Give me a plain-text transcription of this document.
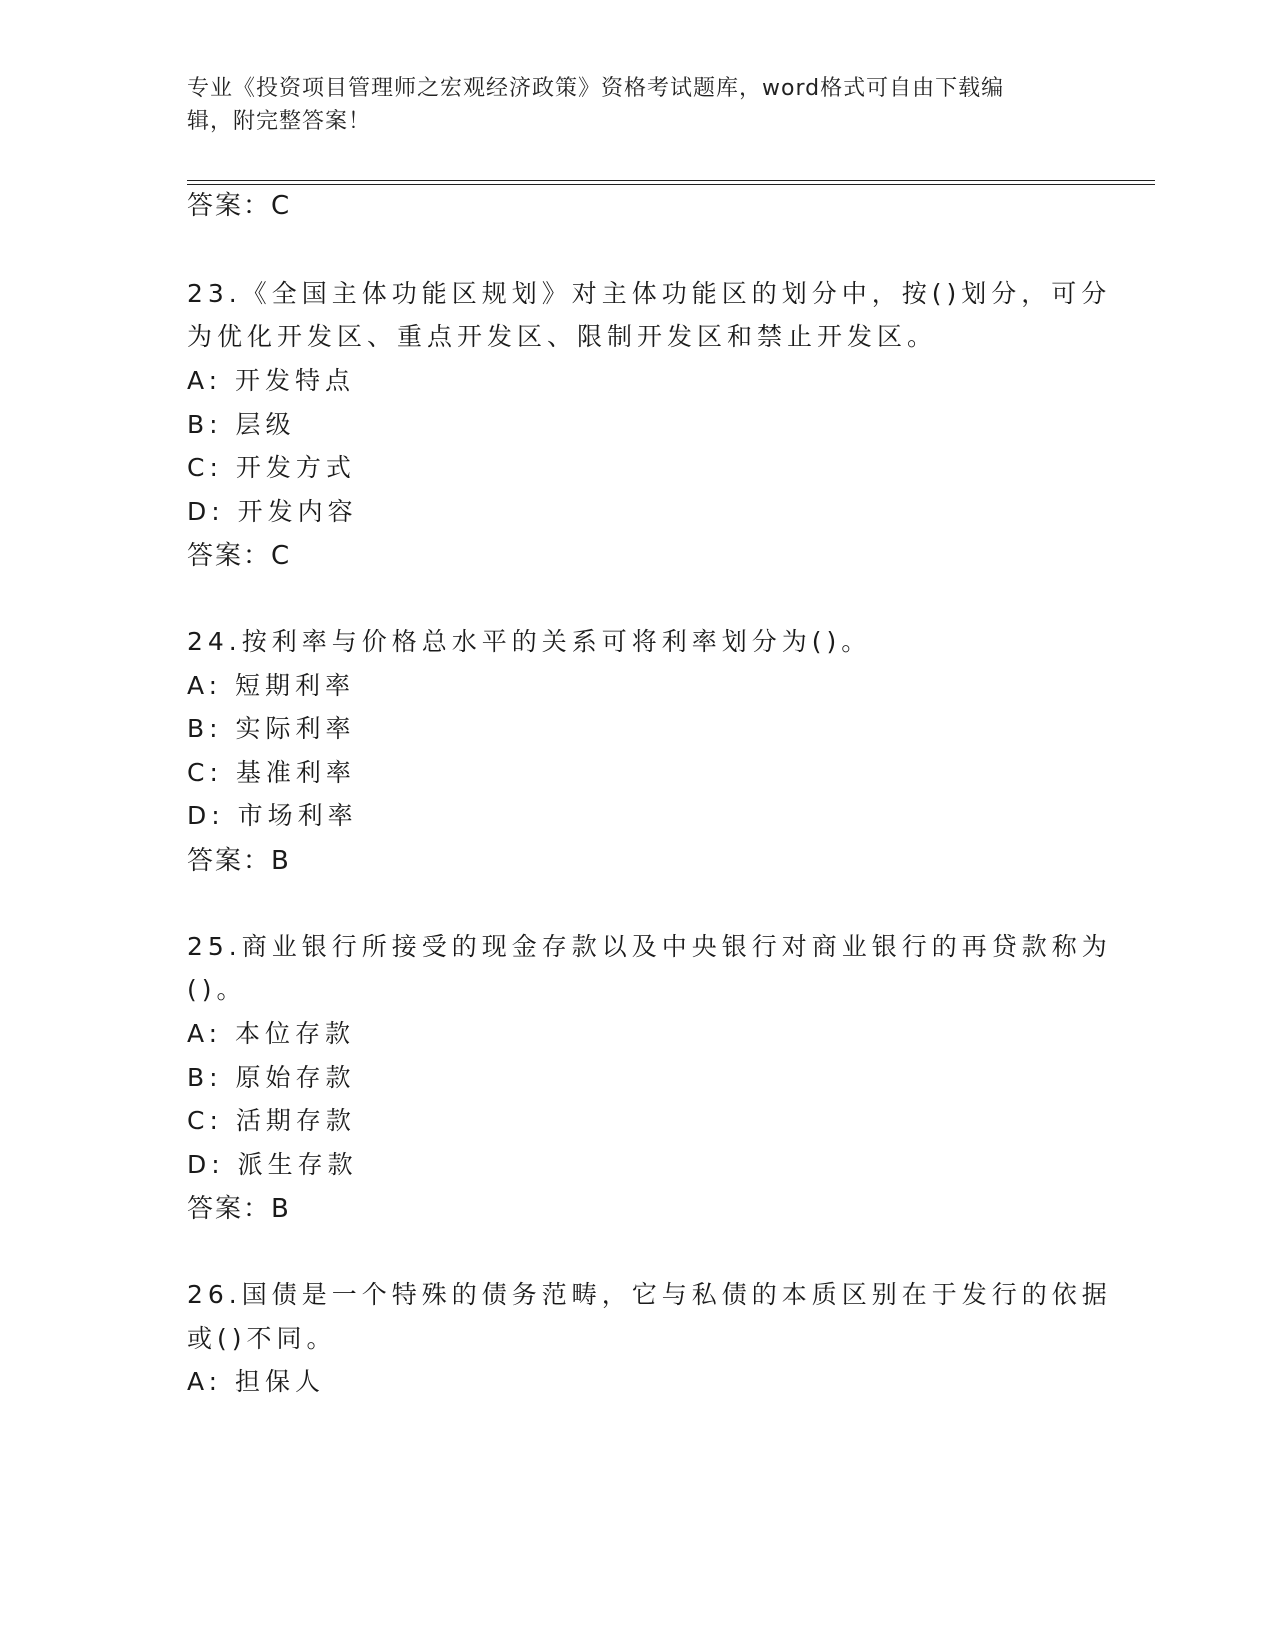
专业《投资项目管理师之宏观经济政策》资格考试题库，word格式可自由下载编
辑，附完整答案！
答案：C
23.《全国主体功能区规划》对主体功能区的划分中，按()划分，可分
为优化开发区、重点开发区、限制开发区和禁止开发区。
A: 开发特点
B: 层级
C: 开发方式
D: 开发内容
答案：C
24.按利率与价格总水平的关系可将利率划分为()。
A: 短期利率
B: 实际利率
C: 基准利率
D: 市场利率
答案：B
25.商业银行所接受的现金存款以及中央银行对商业银行的再贷款称为
()。
A: 本位存款
B: 原始存款
C: 活期存款
D: 派生存款
答案：B
26.国债是一个特殊的债务范畴，它与私债的本质区别在于发行的依据
或()不同。
A: 担保人
